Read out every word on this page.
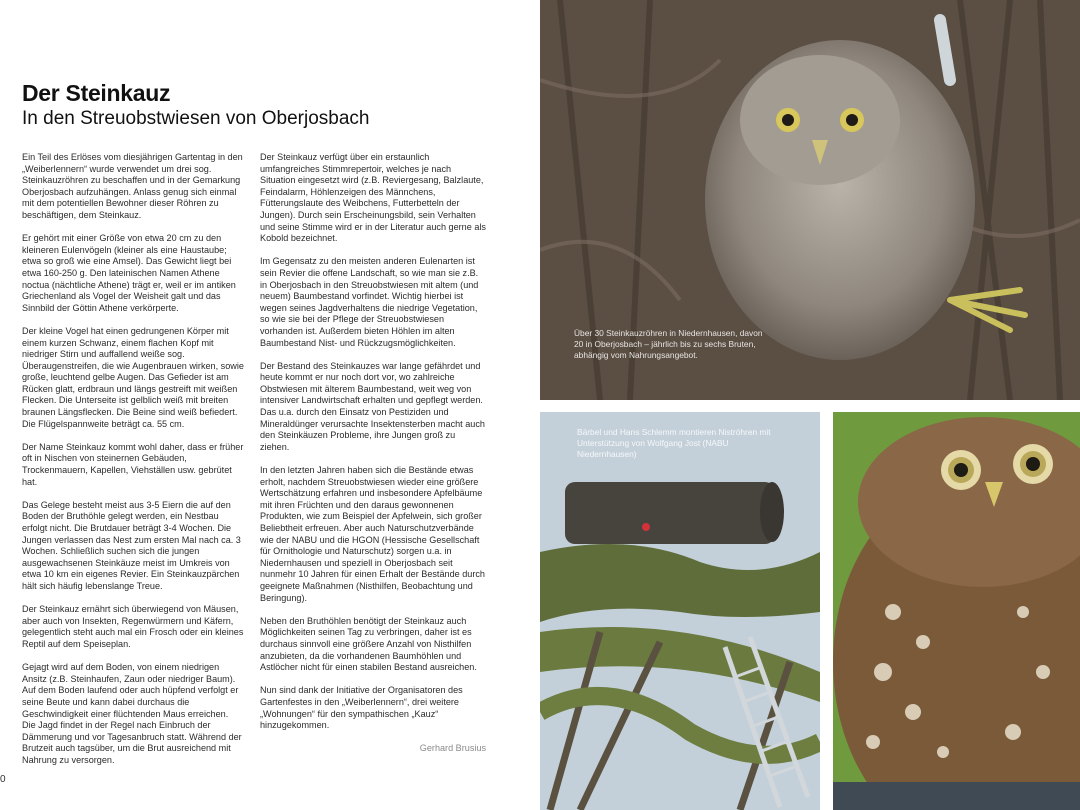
Der Steinkauz
In den Streuobstwiesen von Oberjosbach

Ein Teil des Erlöses vom diesjährigen Gartentag in den „Weiberlennern“ wurde verwendet um drei sog. Steinkauzröhren zu beschaffen und in der Gemarkung Oberjosbach aufzuhängen. Anlass genug sich einmal mit dem potentiellen Bewohner dieser Röhren zu beschäftigen, dem Steinkauz.

Er gehört mit einer Größe von etwa 20 cm zu den kleineren Eulenvögeln (kleiner als eine Haustaube; etwa so groß wie eine Amsel). Das Gewicht liegt bei etwa 160-250 g. Den lateinischen Namen Athene noctua (nächtliche Athene) trägt er, weil er im antiken Griechenland als Vogel der Weisheit galt und das Sinnbild der Göttin Athene verkörperte.

Der kleine Vogel hat einen gedrungenen Körper mit einem kurzen Schwanz, einem flachen Kopf mit niedriger Stirn und auffallend weiße sog. Überaugenstreifen, die wie Augenbrauen wirken, sowie große, leuchtend gelbe Augen. Das Gefieder ist am Rücken glatt, erdbraun und längs gestreift mit weißen Flecken. Die Unterseite ist gelblich weiß mit breiten braunen Längsflecken. Die Beine sind weiß befiedert. Die Flügelspannweite beträgt ca. 55 cm.

Der Name Steinkauz kommt wohl daher, dass er früher oft in Nischen von steinernen Gebäuden, Trockenmauern, Kapellen, Viehställen usw. gebrütet hat.

Das Gelege besteht meist aus 3-5 Eiern die auf den Boden der Bruthöhle gelegt werden, ein Nestbau erfolgt nicht. Die Brutdauer beträgt 3-4 Wochen. Die Jungen verlassen das Nest zum ersten Mal nach ca. 3 Wochen. Schließlich suchen sich die jungen ausgewachsenen Steinkäuze meist im Umkreis von etwa 10 km ein eigenes Revier. Ein Steinkauzpärchen hält sich häufig lebenslange Treue.

Der Steinkauz ernährt sich überwiegend von Mäusen, aber auch von Insekten, Regenwürmern und Käfern, gelegentlich steht auch mal ein Frosch oder ein kleines Reptil auf dem Speiseplan.

Gejagt wird auf dem Boden, von einem niedrigen Ansitz (z.B. Steinhaufen, Zaun oder niedriger Baum). Auf dem Boden laufend oder auch hüpfend verfolgt er seine Beute und kann dabei durchaus die Geschwindigkeit einer flüchtenden Maus erreichen. Die Jagd findet in der Regel nach Einbruch der Dämmerung und vor Tagesanbruch statt. Während der Brutzeit auch tagsüber, um die Brut ausreichend mit Nahrung zu versorgen.

Der Steinkauz verfügt über ein erstaunlich umfangreiches Stimmrepertoir, welches je nach Situation eingesetzt wird (z.B. Reviergesang, Balzlaute, Feindalarm, Höhlenzeigen des Männchens, Fütterungslaute des Weibchens, Futterbetteln der Jungen). Durch sein Erscheinungsbild, sein Verhalten und seine Stimme wird er in der Literatur auch gerne als Kobold bezeichnet.

Im Gegensatz zu den meisten anderen Eulenarten ist sein Revier die offene Landschaft, so wie man sie z.B. in Oberjosbach in den Streuobstwiesen mit altem (und neuem) Baumbestand vorfindet. Wichtig hierbei ist wegen seines Jagdverhaltens die niedrige Vegetation, so wie sie bei der Pflege der Streuobstwiesen vorhanden ist. Außerdem bieten Höhlen im alten Baumbestand Nist- und Rückzugsmöglichkeiten.

Der Bestand des Steinkauzes war lange gefährdet und heute kommt er nur noch dort vor, wo zahlreiche Obstwiesen mit älterem Baumbestand, weit weg von intensiver Landwirtschaft erhalten und gepflegt werden. Das u.a. durch den Einsatz von Pestiziden und Mineraldünger verursachte Insektensterben macht auch den Steinkäuzen Probleme, ihre Jungen groß zu ziehen.

In den letzten Jahren haben sich die Bestände etwas erholt, nachdem Streuobstwiesen wieder eine größere Wertschätzung erfahren und insbesondere Apfelbäume mit ihren Früchten und den daraus gewonnenen Produkten, wie zum Beispiel der Apfelwein, sich großer Beliebtheit erfreuen. Aber auch Naturschutzverbände wie der NABU und die HGON (Hessische Gesellschaft für Ornithologie und Naturschutz) sorgen u.a. in Niedernhausen und speziell in Oberjosbach seit nunmehr 10 Jahren für einen Erhalt der Bestände durch geeignete Maßnahmen (Nisthilfen, Beobachtung und Beringung).

Neben den Bruthöhlen benötigt der Steinkauz auch Möglichkeiten seinen Tag zu verbringen, daher ist es durchaus sinnvoll eine größere Anzahl von Nisthilfen anzubieten, da die vorhandenen Baumhöhlen und Astlöcher nicht für einen stabilen Bestand ausreichen.

Nun sind dank der Initiative der Organisatoren des Gartenfestes in den „Weiberlennern“, drei weitere „Wohnungen“ für den sympathischen „Kauz“ hinzugekommen.

Gerhard Brusius

0
Über 30 Steinkauzröhren in Niedernhausen, davon 20 in Oberjosbach – jährlich bis zu sechs Bruten, abhängig vom Nahrungsangebot.
Bärbel und Hans Schlemm montieren Niströhren mit Unterstützung von Wolfgang Jost (NABU Niedernhausen)
